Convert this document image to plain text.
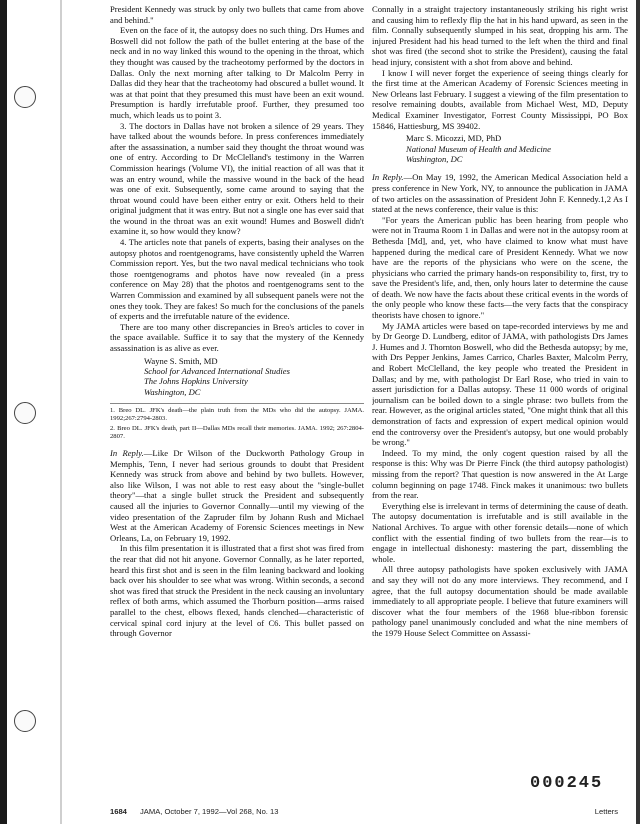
President Kennedy was struck by only two bullets that came from above and behind."

Even on the face of it, the autopsy does no such thing. Drs Humes and Boswell did not follow the path of the bullet entering at the base of the neck and in no way linked this wound to the opening in the throat, which they thought was caused by the tracheotomy performed by the doctors in Dallas. Only the next morning after talking to Dr Malcolm Perry in Dallas did they hear that the tracheotomy had obscured a bullet wound. It was at that point that they presumed this must have been an exit wound. Presumption is hardly irrefutable proof. Further, they presumed too much, which leads us to point 3.

3. The doctors in Dallas have not broken a silence of 29 years. They have talked about the wounds before. In press conferences immediately after the assassination, a number said they thought the throat wound was one of entry. According to Dr McClelland's testimony in the Warren Commission hearings (Volume VI), the initial reaction of all was that it was an entry wound, while the massive wound in the back of the head was one of exit. Subsequently, some came around to saying that the throat wound could have been either entry or exit. Others held to their original judgment that it was entry. But not a single one has ever said that the wound in the throat was an exit wound! Humes and Boswell didn't examine it, so how would they know?

4. The articles note that panels of experts, basing their analyses on the autopsy photos and roentgenograms, have consistently upheld the Warren Commission report. Yes, but the two naval medical technicians who took those roentgenograms and photos have now revealed (in a press conference on May 28) that the photos and roentgenograms sent to the Warren Commission and examined by all subsequent panels were not the ones they took. They are fakes! So much for the conclusions of the panels of experts and the irrefutable nature of the evidence.

There are too many other discrepancies in Breo's articles to cover in the space available. Suffice it to say that the mystery of the Kennedy assassination is as alive as ever.

Wayne S. Smith, MD
School for Advanced International Studies
The Johns Hopkins University
Washington, DC
1. Breo DL. JFK's death—the plain truth from the MDs who did the autopsy. JAMA. 1992;267:2794-2803.
2. Breo DL. JFK's death, part II—Dallas MDs recall their memories. JAMA. 1992; 267:2804-2807.

In Reply.—Like Dr Wilson of the Duckworth Pathology Group in Memphis, Tenn, I never had serious grounds to doubt that President Kennedy was struck from above and behind by two bullets. However, also like Wilson, I was not able to rest easy about the "single-bullet theory"—that a single bullet struck the President and subsequently caused all the injuries to Governor Connally—until my viewing of the video presentation of the Zapruder film by Johann Rush and Michael West at the American Academy of Forensic Sciences meetings in New Orleans, La, on February 19, 1992.

In this film presentation it is illustrated that a first shot was fired from the rear that did not hit anyone. Governor Connally, as he later reported, heard this first shot and is seen in the film leaning backward and looking back over his shoulder to see what was wrong. Within seconds, a second shot was fired that struck the President in the neck causing an involuntary reflex of both arms, which assumed the Thorburn position—arms raised parallel to the chest, elbows flexed, hands clenched—characteristic of cervical spinal cord injury at the level of C6. This bullet passed on through Governor

Connally in a straight trajectory instantaneously striking his right wrist and causing him to reflexly flip the hat in his hand upward, as seen in the film. Connally subsequently slumped in his seat, dropping his arm. The injured President had his head turned to the left when the third and final shot was fired (the second shot to strike the President), causing the fatal head injury, consistent with a shot from above and behind.

I know I will never forget the experience of seeing things clearly for the first time at the American Academy of Forensic Sciences meeting in New Orleans last February. I suggest a viewing of the film presentation to resolve remaining doubts, available from Michael West, MD, Deputy Medical Examiner Investigator, Forrest County Mississippi, PO Box 15846, Hattiesburg, MS 39402.

Marc S. Micozzi, MD, PhD
National Museum of Health and Medicine
Washington, DC

In Reply.—On May 19, 1992, the American Medical Association held a press conference in New York, NY, to announce the publication in JAMA of two articles on the assassination of President John F. Kennedy.1,2 As I stated at the news conference, their value is this:

"For years the American public has been hearing from people who were not in Trauma Room 1 in Dallas and were not in the autopsy room at Bethesda [Md], and, yet, who have claimed to know what must have happened during the medical care of President Kennedy. What we now have are the reports of the physicians who were on the scene, the physicians who carried the primary hands-on responsibility to, first, try to save the President's life, and, then, only hours later to determine the cause of death. We now have the facts about these critical events in the words of the only people who know these facts—the very facts that the conspiracy theorists have chosen to ignore."

My JAMA articles were based on tape-recorded interviews by me and by Dr George D. Lundberg, editor of JAMA, with pathologists Drs James J. Humes and J. Thornton Boswell, who did the Bethesda autopsy; by me, with Drs Pepper Jenkins, James Carrico, Charles Baxter, Malcolm Perry, and Robert McClelland, the key people who treated the President in Dallas; and by me, with pathologist Dr Earl Rose, who tried in vain to assert jurisdiction for a Dallas autopsy. These 11 000 words of original journalism can be boiled down to a single phrase: two bullets from the rear. However, as the original articles stated, "One might think that all this demonstration of facts and expression of expert medical opinion would end the controversy over the President's autopsy, but one would probably be wrong."

Indeed. To my mind, the only cogent question raised by all the response is this: Why was Dr Pierre Finck (the third autopsy pathologist) missing from the report? That question is now answered in the At Large column beginning on page 1748. Finck makes it unanimous: two bullets from the rear.

Everything else is irrelevant in terms of determining the cause of death. The autopsy documentation is irrefutable and is still available in the National Archives. To argue with other forensic details—none of which conflict with the essential finding of two bullets from the rear—is to engage in intellectual dishonesty: mastering the part, dissembling the whole.

All three autopsy pathologists have spoken exclusively with JAMA and say they will not do any more interviews. They recommend, and I agree, that the full autopsy documentation should be made available immediately to all appropriate people. I believe that future examiners will discover what the four members of the 1968 blue-ribbon forensic pathology panel unanimously concluded and what the nine members of the 1979 House Select Committee on Assassi-

000245
1684 JAMA, October 7, 1992—Vol 268, No. 13	Letters
